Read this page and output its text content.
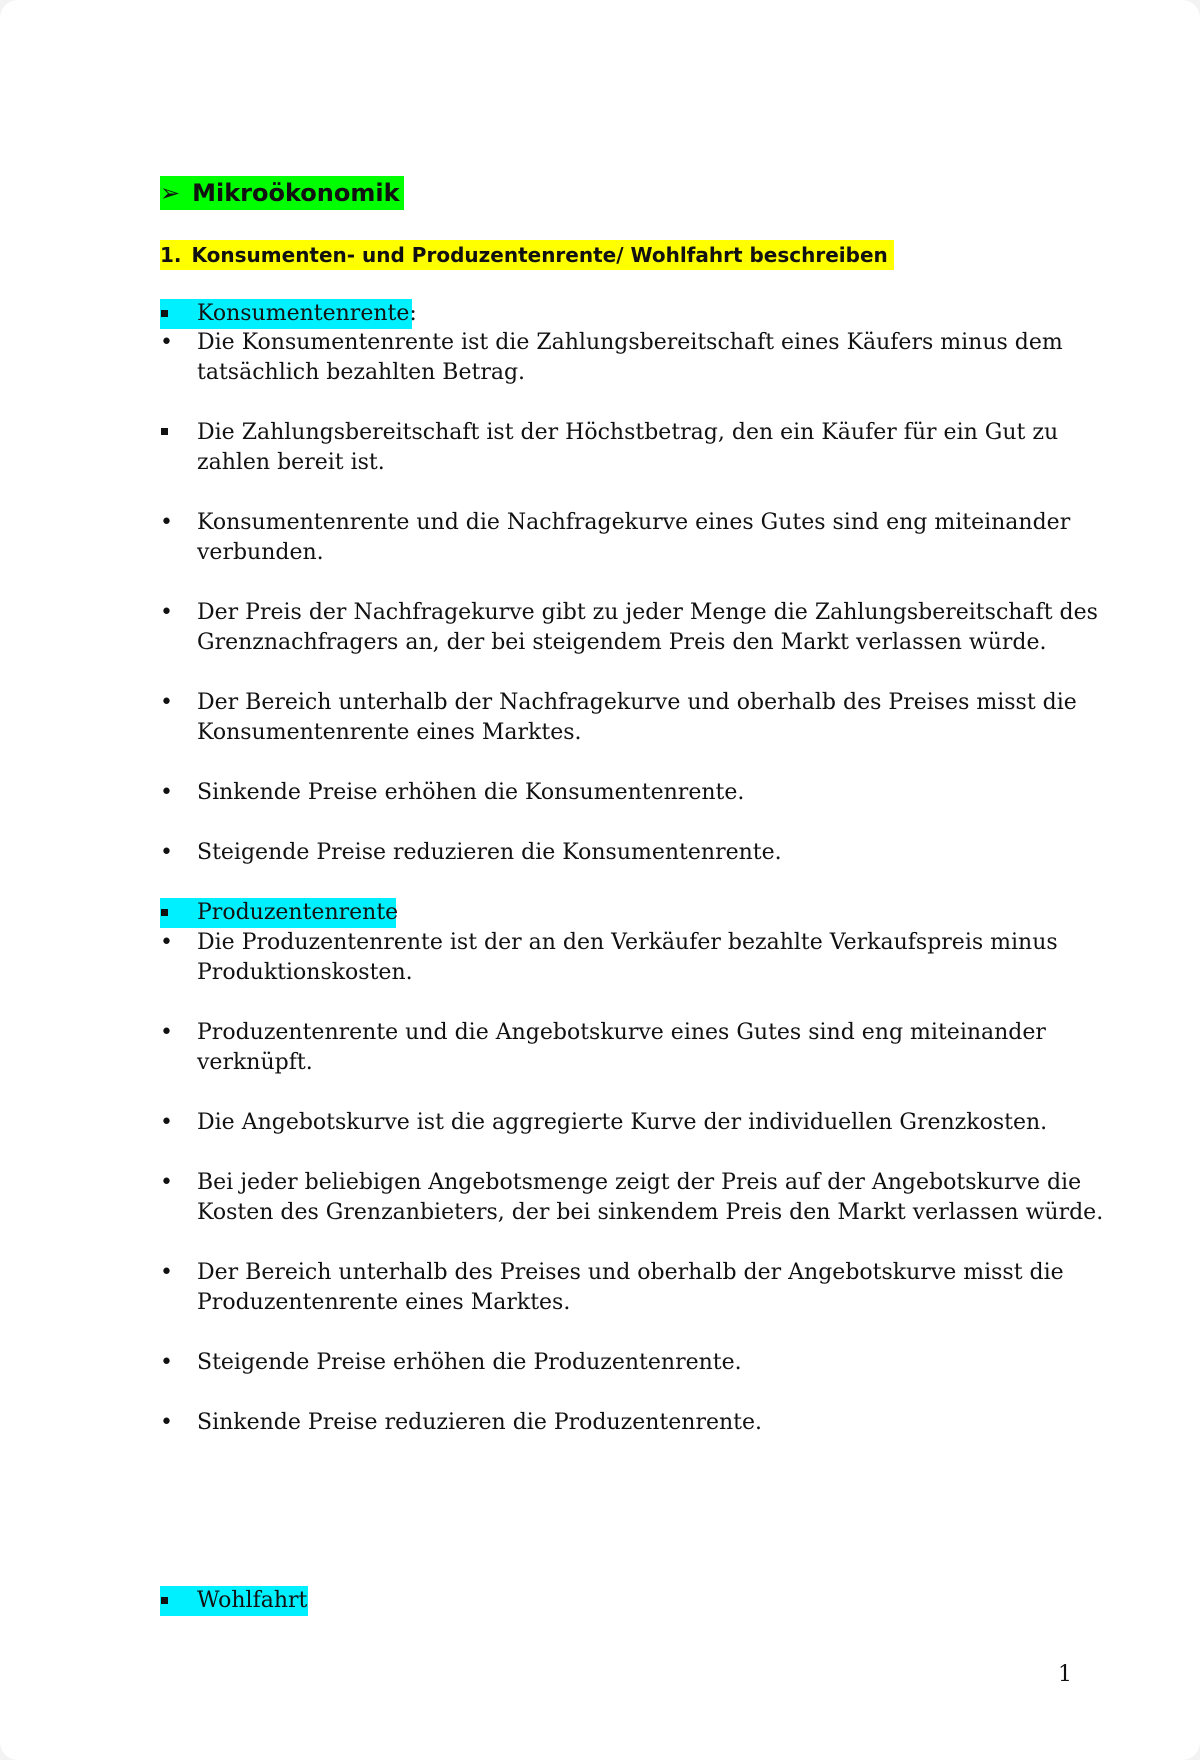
➢ Mikroökonomik
1. Konsumenten- und Produzentenrente/ Wohlfahrt beschreiben
Konsumentenrente:
• Die Konsumentenrente ist die Zahlungsbereitschaft eines Käufers minus dem
tatsächlich bezahlten Betrag.
Die Zahlungsbereitschaft ist der Höchstbetrag, den ein Käufer für ein Gut zu
zahlen bereit ist.
• Konsumentenrente und die Nachfragekurve eines Gutes sind eng miteinander
verbunden.
• Der Preis der Nachfragekurve gibt zu jeder Menge die Zahlungsbereitschaft des
Grenznachfragers an, der bei steigendem Preis den Markt verlassen würde.
• Der Bereich unterhalb der Nachfragekurve und oberhalb des Preises misst die
Konsumentenrente eines Marktes.
• Sinkende Preise erhöhen die Konsumentenrente.
• Steigende Preise reduzieren die Konsumentenrente.
Produzentenrente
• Die Produzentenrente ist der an den Verkäufer bezahlte Verkaufspreis minus
Produktionskosten.
• Produzentenrente und die Angebotskurve eines Gutes sind eng miteinander
verknüpft.
• Die Angebotskurve ist die aggregierte Kurve der individuellen Grenzkosten.
• Bei jeder beliebigen Angebotsmenge zeigt der Preis auf der Angebotskurve die
Kosten des Grenzanbieters, der bei sinkendem Preis den Markt verlassen würde.
• Der Bereich unterhalb des Preises und oberhalb der Angebotskurve misst die
Produzentenrente eines Marktes.
• Steigende Preise erhöhen die Produzentenrente.
• Sinkende Preise reduzieren die Produzentenrente.
Wohlfahrt
1
